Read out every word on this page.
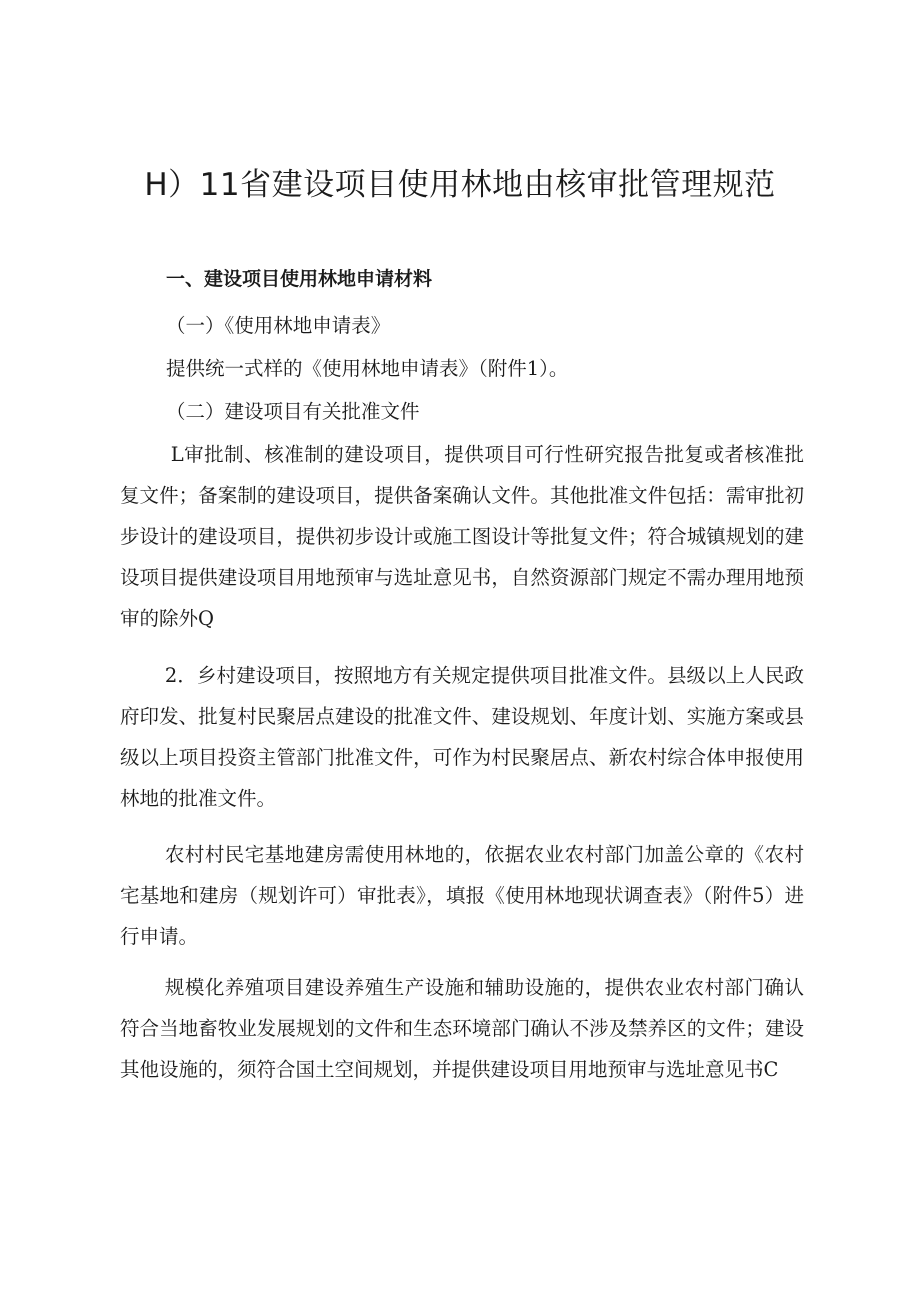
H）11省建设项目使用林地由核审批管理规范
一、建设项目使用林地申请材料
（一）《使用林地申请表》
提供统一式样的《使用林地申请表》（附件1）。
（二）建设项目有关批准文件
L审批制、核准制的建设项目，提供项目可行性研究报告批复或者核准批复文件；备案制的建设项目，提供备案确认文件。其他批准文件包括：需审批初步设计的建设项目，提供初步设计或施工图设计等批复文件；符合城镇规划的建设项目提供建设项目用地预审与选址意见书，自然资源部门规定不需办理用地预审的除外Q
2．乡村建设项目，按照地方有关规定提供项目批准文件。县级以上人民政府印发、批复村民聚居点建设的批准文件、建设规划、年度计划、实施方案或县级以上项目投资主管部门批准文件，可作为村民聚居点、新农村综合体申报使用林地的批准文件。
农村村民宅基地建房需使用林地的，依据农业农村部门加盖公章的《农村宅基地和建房（规划许可）审批表》，填报《使用林地现状调查表》（附件5）进行申请。
规模化养殖项目建设养殖生产设施和辅助设施的，提供农业农村部门确认符合当地畜牧业发展规划的文件和生态环境部门确认不涉及禁养区的文件；建设其他设施的，须符合国土空间规划，并提供建设项目用地预审与选址意见书C
